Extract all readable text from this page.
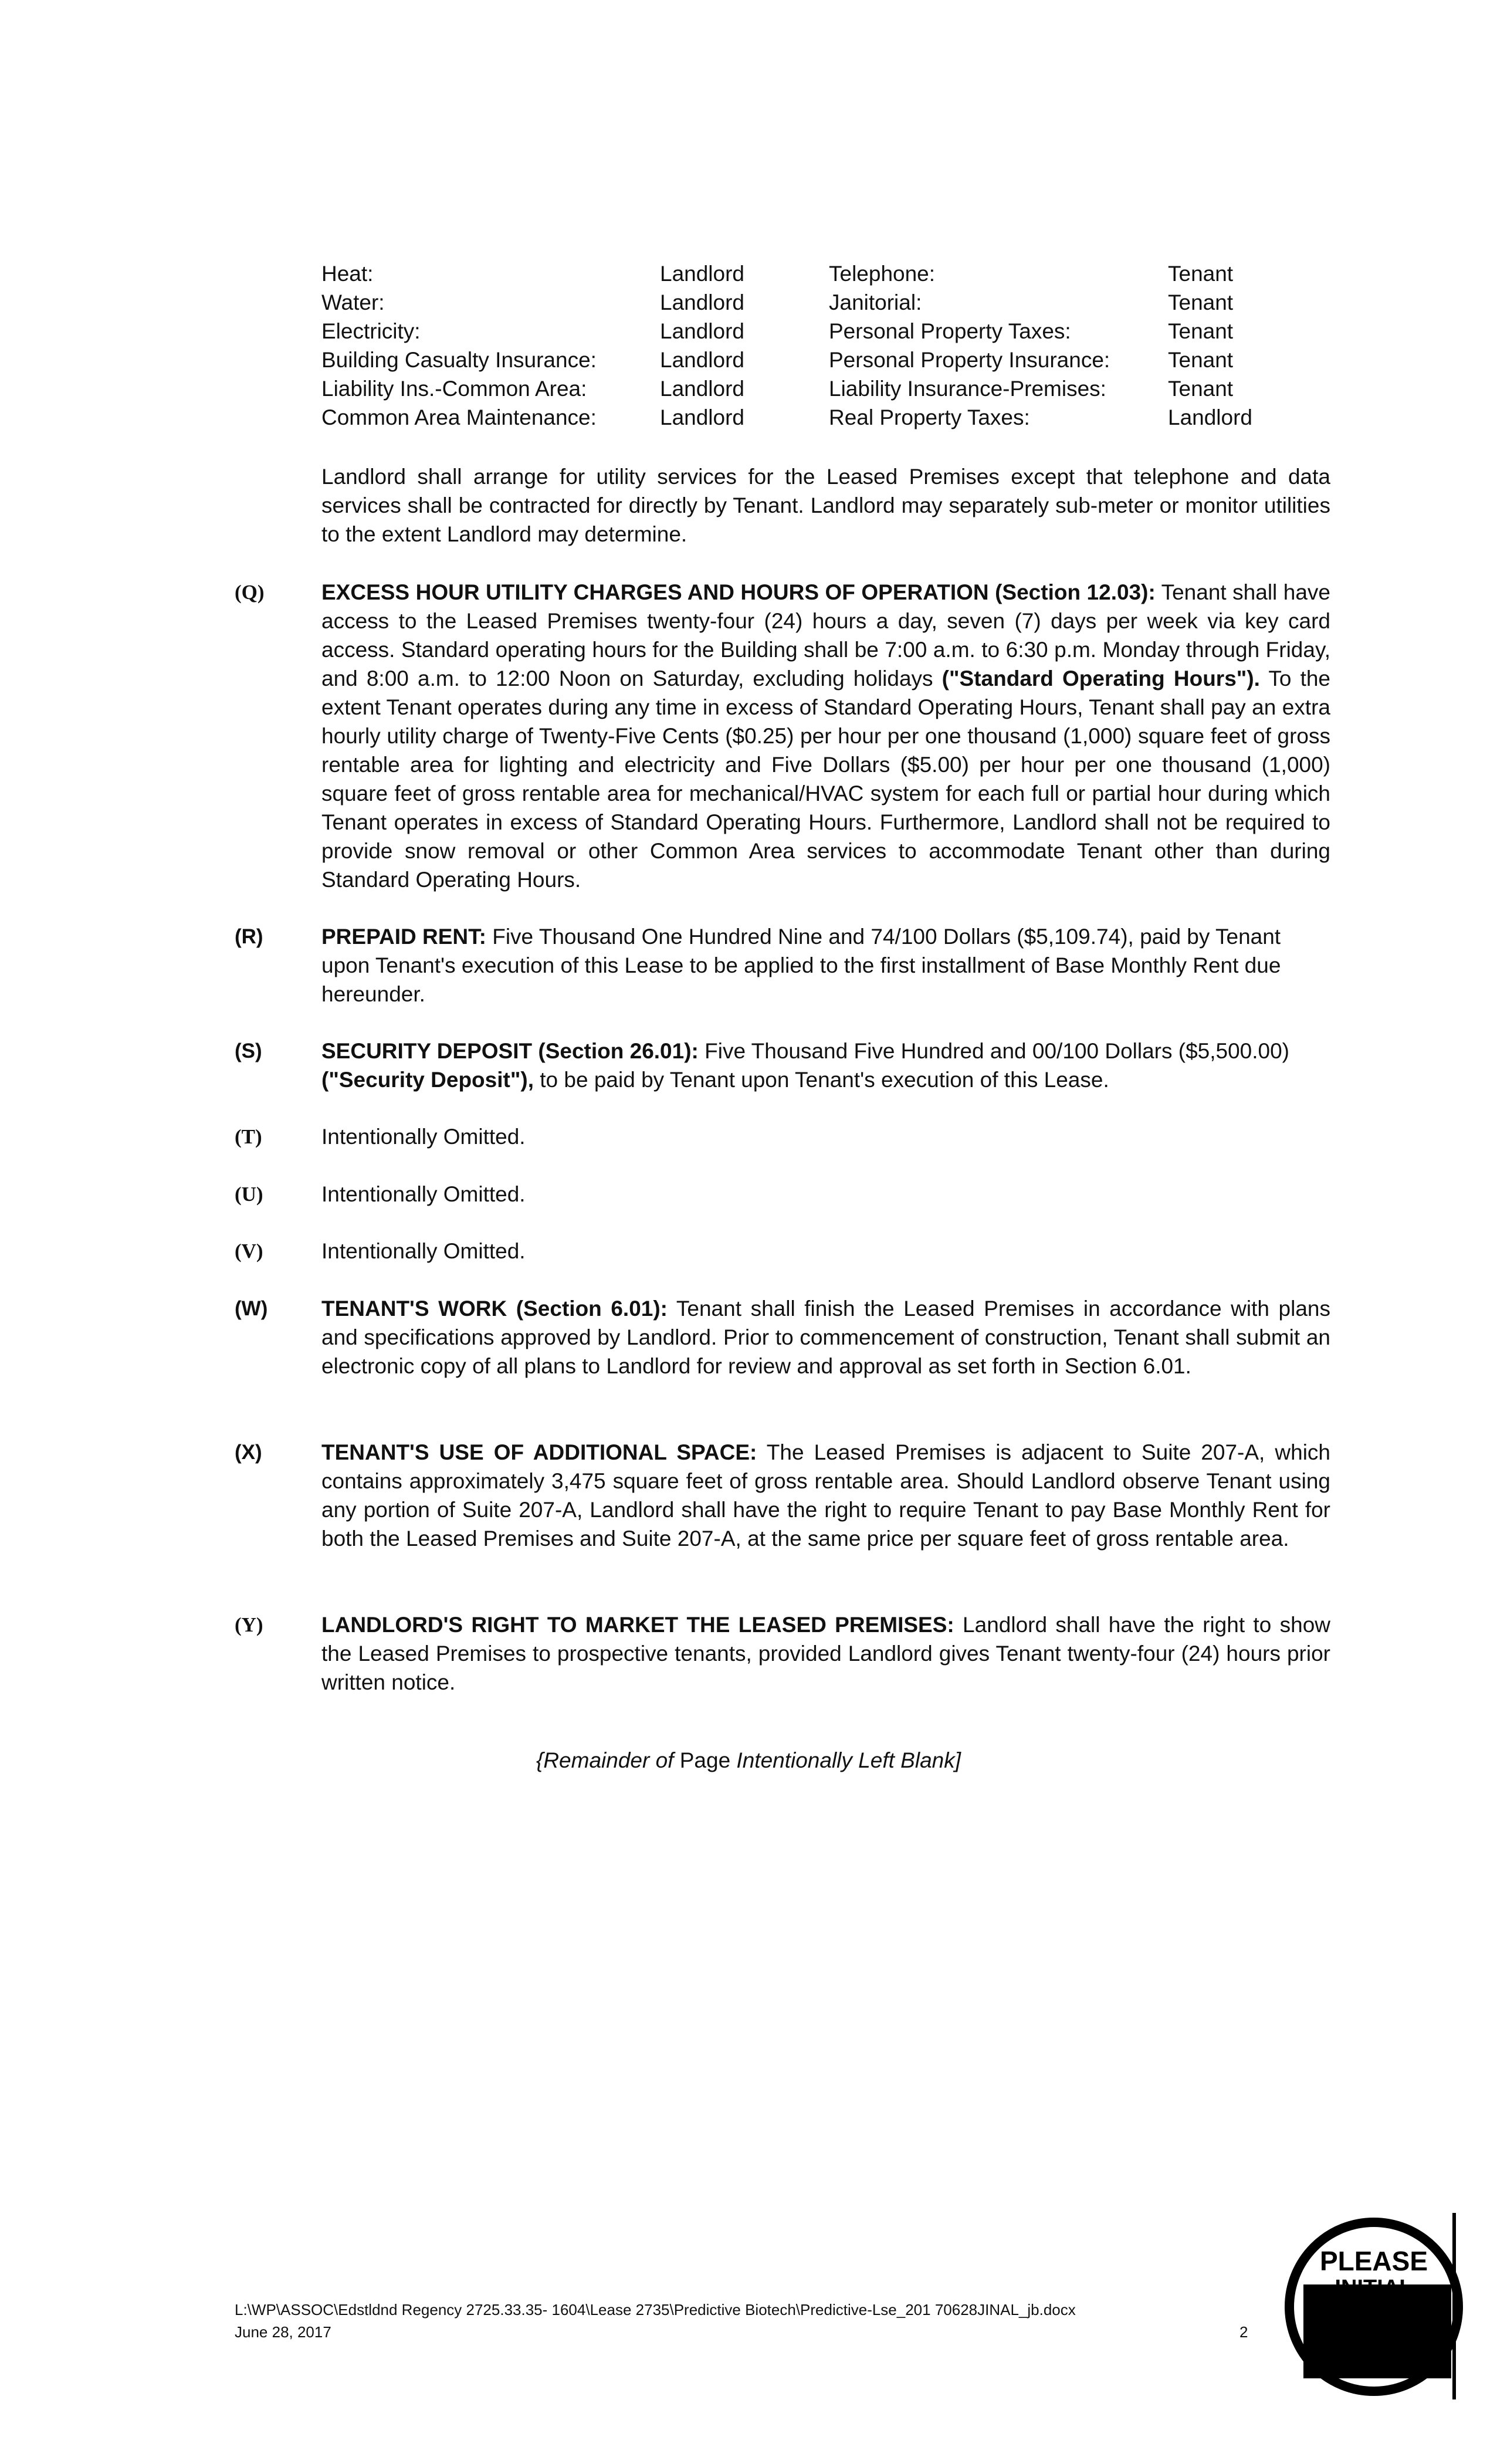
Heat:	Landlord	Telephone:	Tenant
Water:	Landlord	Janitorial:	Tenant
Electricity:	Landlord	Personal Property Taxes:	Tenant
Building Casualty Insurance:	Landlord	Personal Property Insurance:	Tenant
Liability Ins.-Common Area:	Landlord	Liability Insurance-Premises:	Tenant
Common Area Maintenance:	Landlord	Real Property Taxes:	Landlord

Landlord shall arrange for utility services for the Leased Premises except that telephone and data services shall be contracted for directly by Tenant. Landlord may separately sub-meter or monitor utilities to the extent Landlord may determine.

(Q)	EXCESS HOUR UTILITY CHARGES AND HOURS OF OPERATION (Section 12.03): Tenant shall have access to the Leased Premises twenty-four (24) hours a day, seven (7) days per week via key card access. Standard operating hours for the Building shall be 7:00 a.m. to 6:30 p.m. Monday through Friday, and 8:00 a.m. to 12:00 Noon on Saturday, excluding holidays ("Standard Operating Hours"). To the extent Tenant operates during any time in excess of Standard Operating Hours, Tenant shall pay an extra hourly utility charge of Twenty-Five Cents ($0.25) per hour per one thousand (1,000) square feet of gross rentable area for lighting and electricity and Five Dollars ($5.00) per hour per one thousand (1,000) square feet of gross rentable area for mechanical/HVAC system for each full or partial hour during which Tenant operates in excess of Standard Operating Hours. Furthermore, Landlord shall not be required to provide snow removal or other Common Area services to accommodate Tenant other than during Standard Operating Hours.

(R)	PREPAID RENT: Five Thousand One Hundred Nine and 74/100 Dollars ($5,109.74), paid by Tenant upon Tenant's execution of this Lease to be applied to the first installment of Base Monthly Rent due hereunder.

(S)	SECURITY DEPOSIT (Section 26.01): Five Thousand Five Hundred and 00/100 Dollars ($5,500.00) ("Security Deposit"), to be paid by Tenant upon Tenant's execution of this Lease.

(T)	Intentionally Omitted.

(U)	Intentionally Omitted.

(V)	Intentionally Omitted.

(W) TENANT'S WORK (Section 6.01): Tenant shall finish the Leased Premises in accordance with plans and specifications approved by Landlord. Prior to commencement of construction, Tenant shall submit an electronic copy of all plans to Landlord for review and approval as set forth in Section 6.01.

(X)	TENANT'S USE OF ADDITIONAL SPACE: The Leased Premises is adjacent to Suite 207-A, which contains approximately 3,475 square feet of gross rentable area. Should Landlord observe Tenant using any portion of Suite 207-A, Landlord shall have the right to require Tenant to pay Base Monthly Rent for both the Leased Premises and Suite 207-A, at the same price per square feet of gross rentable area.

(Y)	LANDLORD'S RIGHT TO MARKET THE LEASED PREMISES: Landlord shall have the right to show the Leased Premises to prospective tenants, provided Landlord gives Tenant twenty-four (24) hours prior written notice.

{Remainder of Page Intentionally Left Blank]
L:\WP\ASSOC\Edstldnd Regency 2725.33.35- 1604\Lease 2735\Predictive Biotech\Predictive-Lse_201 70628JINAL_jb.docx
June 28, 2017	2
PLEASE
